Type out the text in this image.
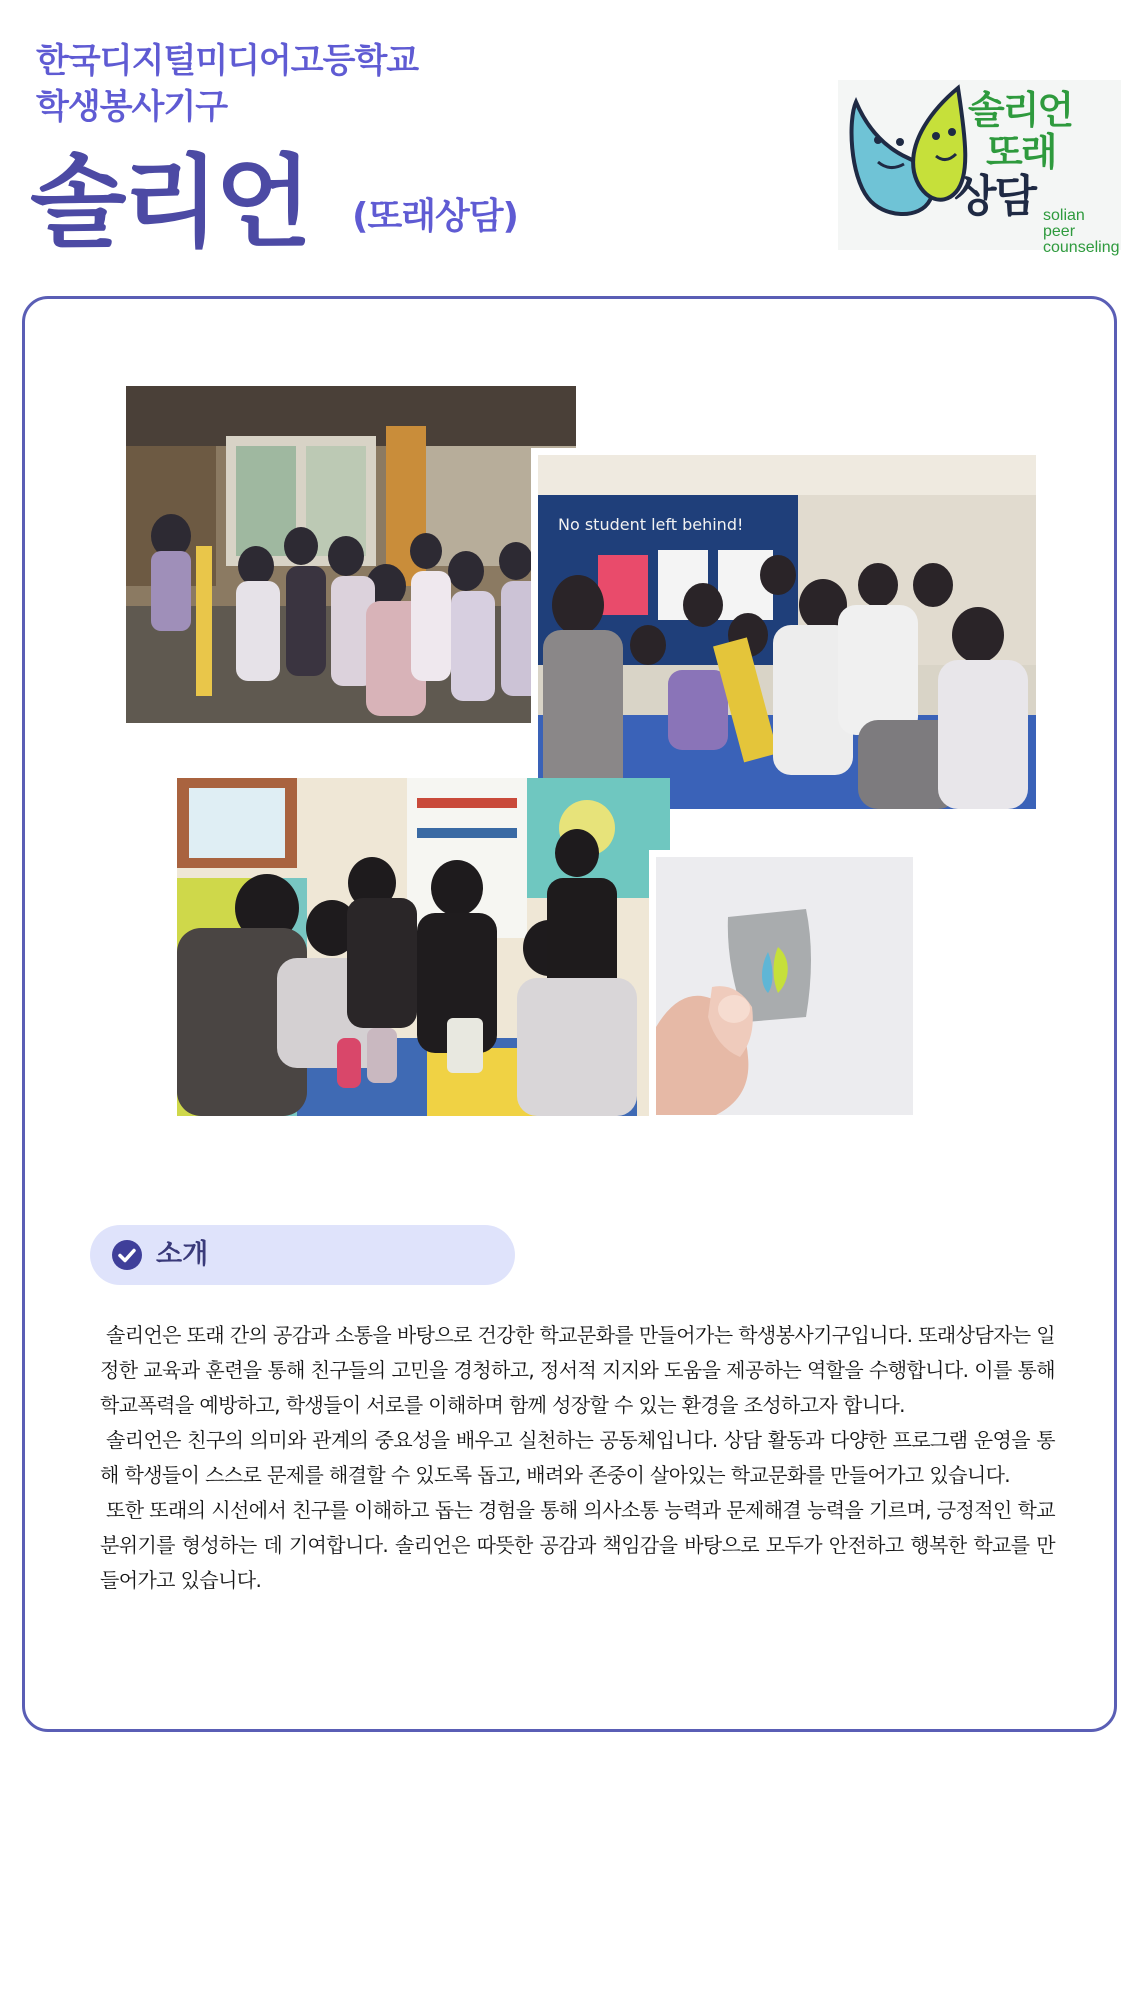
한국디지털미디어고등학교
학생봉사기구
솔리언 (또래상담)
솔리언
또래
상담 solian peer
counseling
No student left behind!
소개

솔리언은 또래 간의 공감과 소통을 바탕으로 건강한 학교문화를 만들어가는 학생봉사기구입니다. 또래상담자는 일정한 교육과 훈련을 통해 친구들의 고민을 경청하고, 정서적 지지와 도움을 제공하는 역할을 수행합니다. 이를 통해 학교폭력을 예방하고, 학생들이 서로를 이해하며 함께 성장할 수 있는 환경을 조성하고자 합니다.

솔리언은 친구의 의미와 관계의 중요성을 배우고 실천하는 공동체입니다. 상담 활동과 다양한 프로그램 운영을 통해 학생들이 스스로 문제를 해결할 수 있도록 돕고, 배려와 존중이 살아있는 학교문화를 만들어가고 있습니다.

또한 또래의 시선에서 친구를 이해하고 돕는 경험을 통해 의사소통 능력과 문제해결 능력을 기르며, 긍정적인 학교 분위기를 형성하는 데 기여합니다. 솔리언은 따뜻한 공감과 책임감을 바탕으로 모두가 안전하고 행복한 학교를 만들어가고 있습니다.
